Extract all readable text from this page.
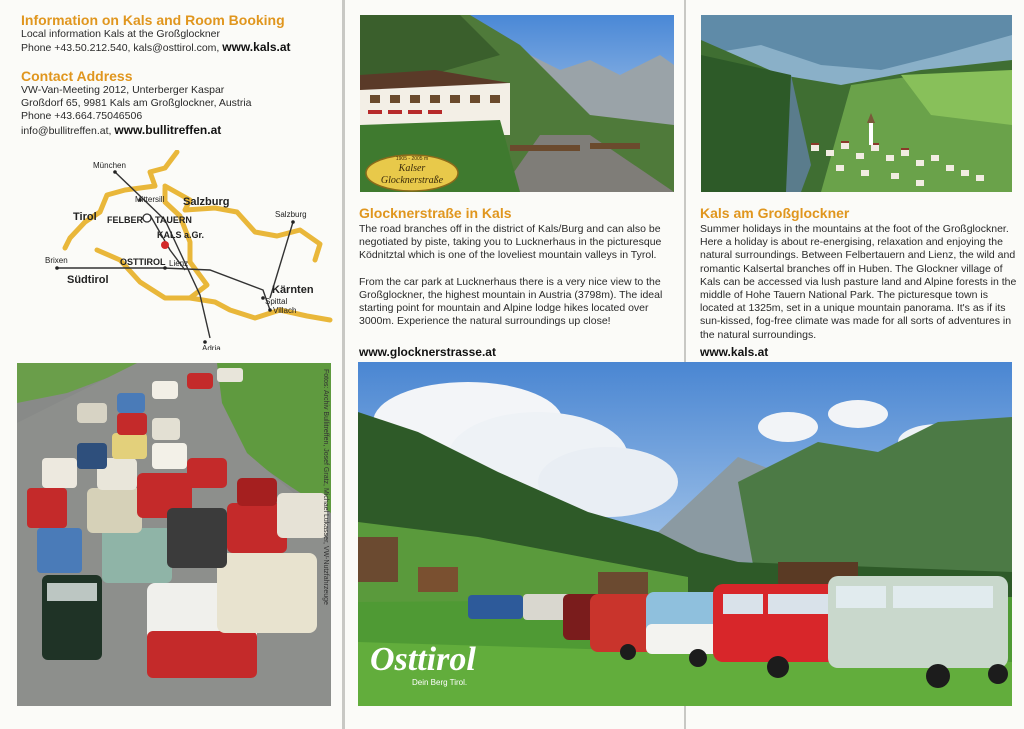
Information on Kals and Room Booking
Local information Kals at the Großglockner
Phone +43.50.212.540, kals@osttirol.com, www.kals.at
Contact Address
VW-Van-Meeting 2012, Unterberger Kaspar
Großdorf 65, 9981 Kals am Großglockner, Austria
Phone +43.664.75046506
info@bullitreffen.at, www.bullitreffen.at
München
Mittersill Salzburg
Salzburg
Tirol FELBER TAUERN
KALS a.Gr.
OSTTIROL Lienz
Brixen
Südtirol
Kärnten
Spittal
Villach
Adria
Fotos: Archiv Bullitreffen, Josef Gratz, Michael Lukasser, VW-Nutzfahrzeuge
1905 - 2005 m
Kalser
Glocknerstraße
Glocknerstraße in Kals

The road branches off in the district of Kals/Burg and can also be negotiated by piste, taking you to Lucknerhaus in the picturesque Ködnitztal which is one of the loveliest mountain valleys in Tyrol.

From the car park at Lucknerhaus there is a very nice view to the Großglockner, the highest mountain in Austria (3798m). The ideal starting point for mountain and Alpine lodge hikes located over 3000m. Experience the natural surroundings up close!

www.glocknerstrasse.at
Kals am Großglockner

Summer holidays in the mountains at the foot of the Großglockner. Here a holiday is about re-energising, relaxation and enjoying the natural surroundings. Between Felbertauern and Lienz, the wild and romantic Kalsertal branches off in Huben. The Glockner village of Kals can be accessed via lush pasture land and Alpine forests in the middle of Hohe Tauern National Park. The picturesque town is located at 1325m, set in a unique mountain panorama. It's as if its sun-kissed, fog-free climate was made for all sorts of adventures in the natural surroundings.

www.kals.at
Osttirol
Dein Berg Tirol.
